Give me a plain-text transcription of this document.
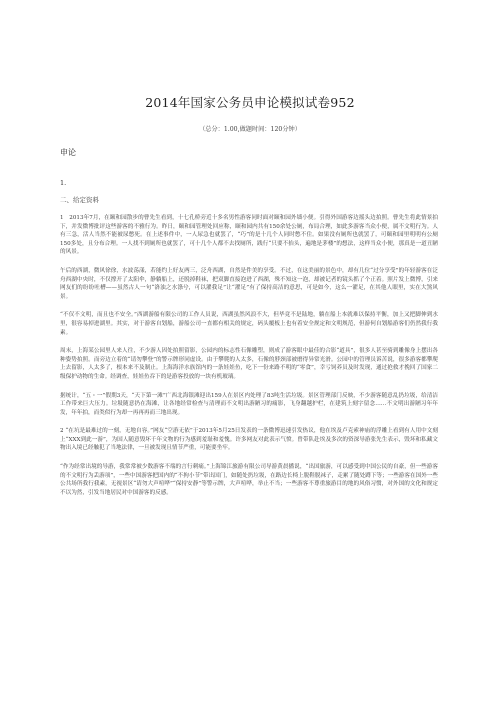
2014年国家公务员申论模拟试卷952
（总分：1.00,做题时间：120分钟）
申论
1.
二、给定资料

1　2013年7月，在颐和园散步的曹先生看到，十七孔桥旁近十多名男性游客同时面对颐和园外墙小便。引得外国游客边摇头边拍照。曹先生将此情景拍下，并发微博批评这些游客的不雅行为。昨日，颐和园管理处回应称，颐和园内共有150余处公厕，布局合理，如此多游客当众小便，属不文明行为。人有三急，活人当然不能被尿憋死。在上述事件中，一人尿急也就罢了，“巧”的是十几个人同时憋不住。如果没有厕所也就罢了，可颐和园里明明有公厕150多处，且分布合理。一人找不到厕所也就罢了，可十几个人都不去找厕所，践行“只要不抬头，遍地是茅楼”的想法，这样当众小便，那真是一道丑陋的风景。

午后的西湖，微风徐徐，水波荡漾，若能约上好友两三，泛舟西湖，自然是件美的享受。不过，在这美丽的景色中，却有几位“过分享受”的年轻游客在泛舟西湖中央时，不仅撑开了太阳伞，静躺船上，还脱掉鞋袜，把双脚直接泡进了西湖，殊不知这一泡，却被记者的镜头抓了个正着。照片发上微博，引来网友们的纷纷吐槽——虽然古人一句“洛浊之水涤兮，可以濯我足”让“濯足”有了保持高洁的意思，可是如今，这么一濯足，在其他人眼里，实在大煞风景。

“不仅不文明，而且也不安全。”西湖游船有限公司的工作人员说，西湖虽然风浪不大，但毕竟不是陆地，躺在船上本就难以保持平衡，加上又把脚伸到水里，很容易掉进湖里。其实，对于游客自划船，游船公司一直都有相关的规定，码头覆板上也有着安全规定和文明规范，但游何自划船游客们仍然我行我素。

周末，上海某公园里人来人往，不少游人因处拍照留影，公园内的标志性石像雕塑，则成了游客眼中最佳的合影“道具”，很多人甚至骑到雕像身上摆出各种姿势拍照。而旁边立着的“请勿攀登”的警示牌形同虚设。由于攀爬的人太多，石像的脖颈部被磨得异常光滑。公园中的管理员诉苦说，很多游客都攀爬上去留影，人太多了，根本来不及制止。上海海洋水族馆内的一条娃娃鱼，吃下一份来路不明的“零食”，幸亏饲养员及时发现，通过抢救才挽回了国家二级保护动物的生命。经调查，娃娃鱼吞下的是游客投放的一块有机玻璃。

据统计，“五・一”假期3天，“天下第一滩”广西北海银滩迎出159人在景区内处理了83吨生活垃圾。景区管理部门反映，不少游客随意乱扔垃圾，给清洁工作带来巨大压力。垃圾随意扔在海滩，让各地经常检查与清理而不文明出游陋习的痛影，飞身翻越护栏，在建筑上刻字留念……不文明出游陋习年年发，年年拍，而类似行为却一再再再而三地出现。

2 “在坑是最难过的一刻，无地自容。”网友“空游无依”于2013年5月25日发表的一条微博迅速引发热议，他在埃及卢克索神庙的浮雕上看到有人用中文刻上“XXX到此一游”，为国人随意毁坏千年文物的行为感到羞耻和羞愧。许多网友对此表示气愤。曾带队赴埃及多次的资深导游张先生表示，毁坏和私藏文物出入境已经触犯了当地法律，一旦被发现且情节严重，可能要坐牢。

“作为经常出境的导游，我常常被少数游客不端的言行刺痛。”上海锦江旅游有限公司导游黄晨播说，“出国旅游，可以感受到中国公民的自豪，但一些游客的不文明行为丢游项”，一些中国游客把国内的“不拘小节”带出国门，如随处扔垃圾，在路边长椅上脱鞋脱袜子，走累了随处蹲下等；一些游客在国外一些公共场所我行我素，无视景区“请勿大声喧哗”“保持安静”等警示牌，大声喧哗，举止不当；一些游客不尊重旅游目的地的风俗习惯，对外国的文化和规定不以为然，引发当地居民对中国游客的反感。
